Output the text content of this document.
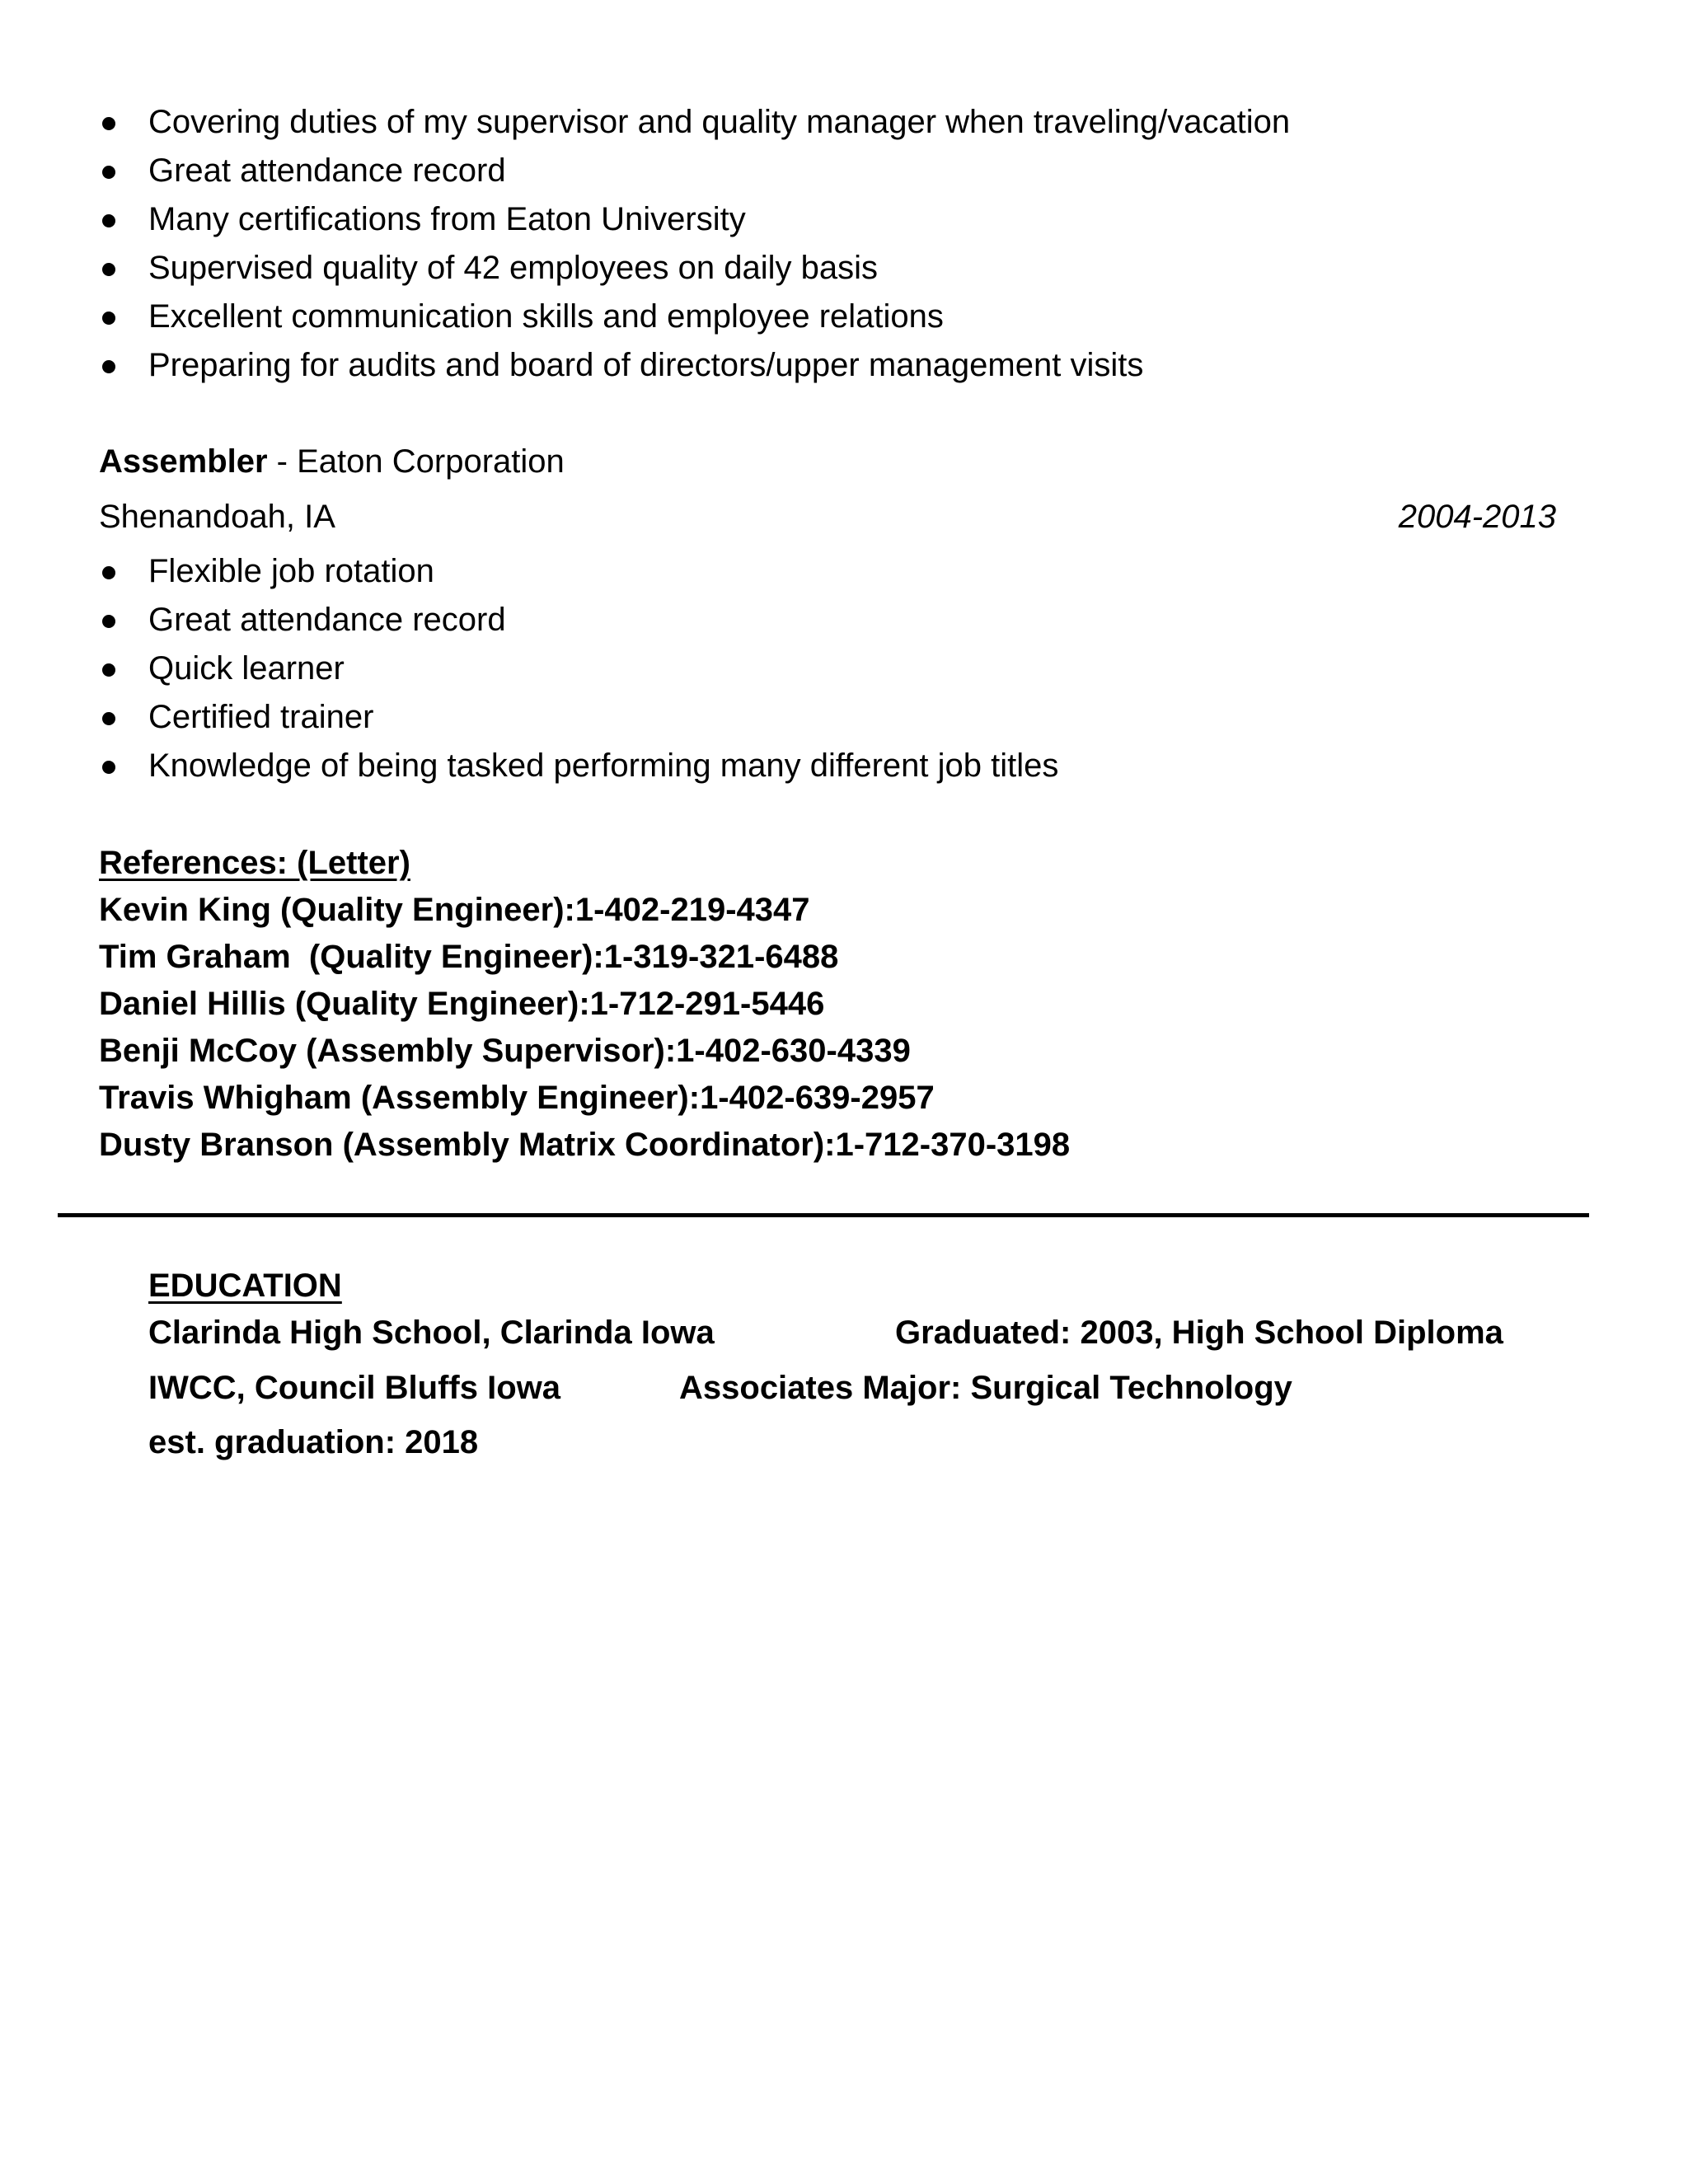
Covering duties of my supervisor and quality manager when traveling/vacation
Great attendance record
Many certifications from Eaton University
Supervised quality of 42 employees on daily basis
Excellent communication skills and employee relations
Preparing for audits and board of directors/upper management visits
Assembler - Eaton Corporation
Shenandoah, IA	2004-2013
Flexible job rotation
Great attendance record
Quick learner
Certified trainer
Knowledge of being tasked performing many different job titles
References: (Letter)
Kevin King (Quality Engineer):1-402-219-4347
Tim Graham  (Quality Engineer):1-319-321-6488
Daniel Hillis (Quality Engineer):1-712-291-5446
Benji McCoy (Assembly Supervisor):1-402-630-4339
Travis Whigham (Assembly Engineer):1-402-639-2957
Dusty Branson (Assembly Matrix Coordinator):1-712-370-3198
EDUCATION
Clarinda High School, Clarinda Iowa	Graduated: 2003, High School Diploma
IWCC, Council Bluffs Iowa	Associates Major: Surgical Technology
est. graduation: 2018
